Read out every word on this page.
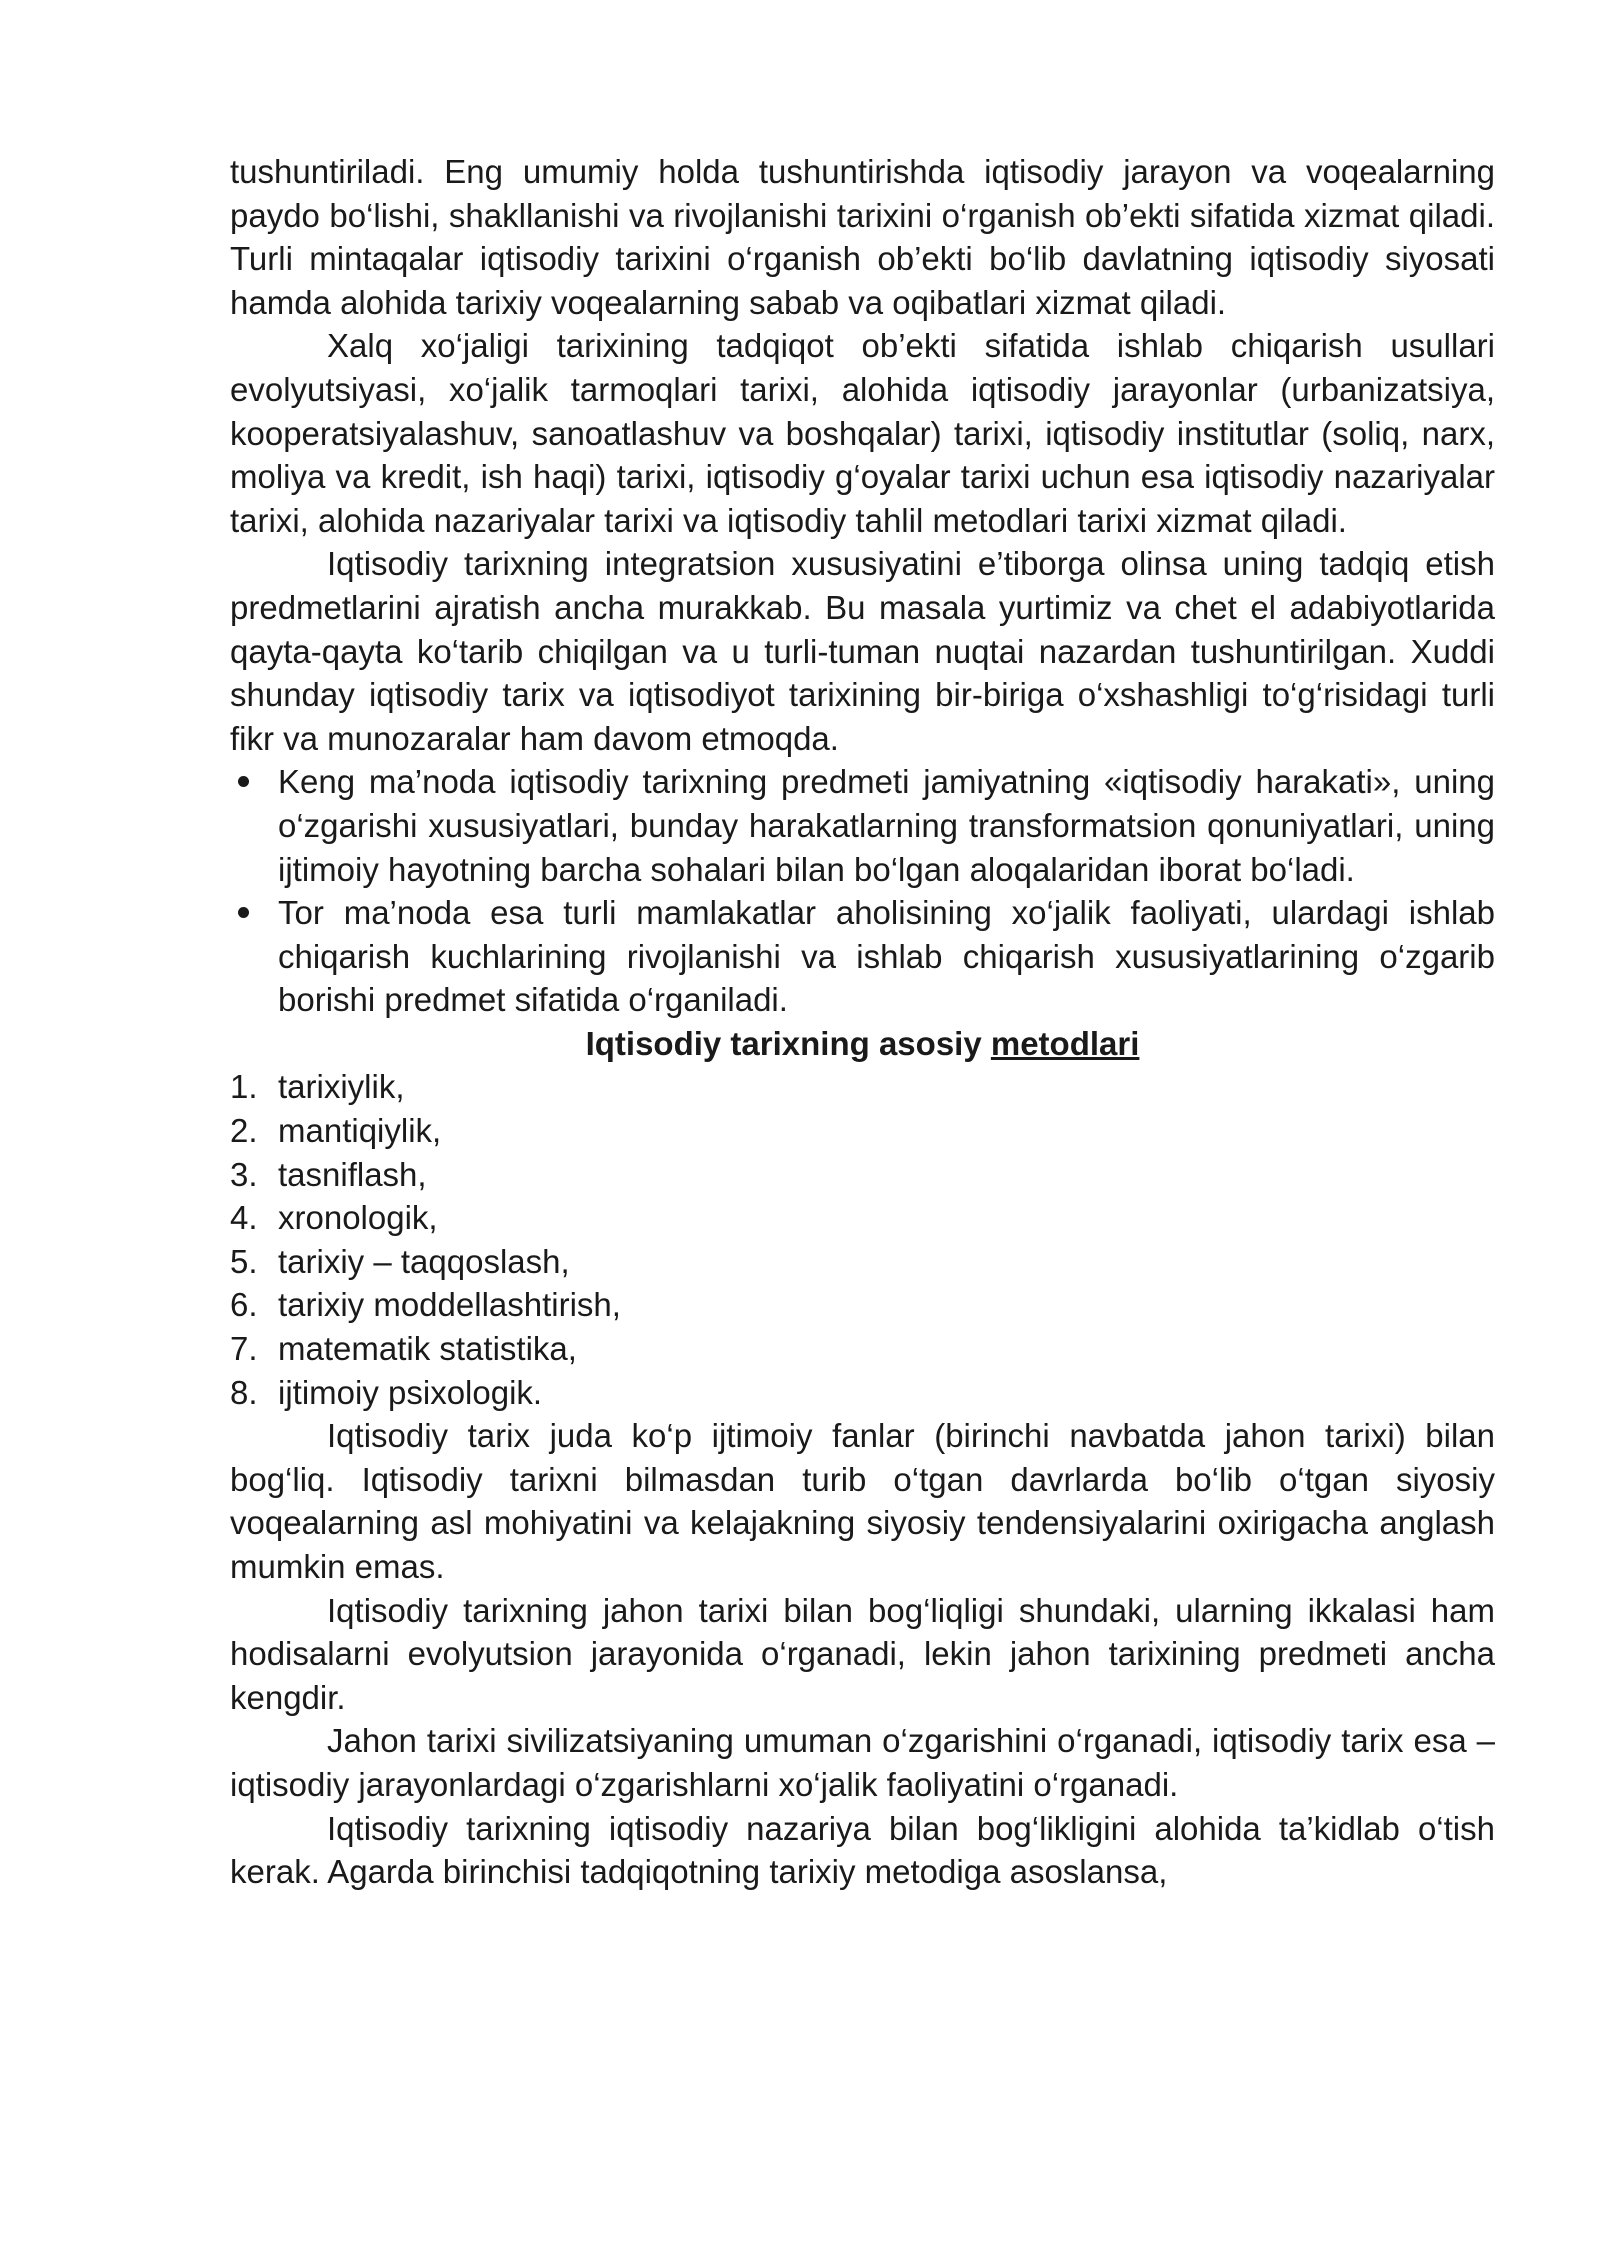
tushuntiriladi. Eng umumiy holda tushuntirishda iqtisodiy jarayon va voqealarning paydo bo‘lishi, shakllanishi va rivojlanishi tarixini o‘rganish ob’ekti sifatida xizmat qiladi. Turli mintaqalar iqtisodiy tarixini o‘rganish ob’ekti bo‘lib davlatning iqtisodiy siyosati hamda alohida tarixiy voqealarning sabab va oqibatlari xizmat qiladi.

Xalq xo‘jaligi tarixining tadqiqot ob’ekti sifatida ishlab chiqarish usullari evolyutsiyasi, xo‘jalik tarmoqlari tarixi, alohida iqtisodiy jarayonlar (urbanizatsiya, kooperatsiyalashuv, sanoatlashuv va boshqalar) tarixi, iqtisodiy institutlar (soliq, narx, moliya va kredit, ish haqi) tarixi, iqtisodiy g‘oyalar tarixi uchun esa iqtisodiy nazariyalar tarixi, alohida nazariyalar tarixi va iqtisodiy tahlil metodlari tarixi xizmat qiladi.

Iqtisodiy tarixning integratsion xususiyatini e’tiborga olinsa uning tadqiq etish predmetlarini ajratish ancha murakkab. Bu masala yurtimiz va chet el adabiyotlarida qayta-qayta ko‘tarib chiqilgan va u turli-tuman nuqtai nazardan tushuntirilgan. Xuddi shunday iqtisodiy tarix va iqtisodiyot tarixining bir-biriga o‘xshashligi to‘g‘risidagi turli fikr va munozaralar ham davom etmoqda.

Keng ma’noda iqtisodiy tarixning predmeti jamiyatning «iqtisodiy harakati», uning o‘zgarishi xususiyatlari, bunday harakatlarning transformatsion qonuniyatlari, uning ijtimoiy hayotning barcha sohalari bilan bo‘lgan aloqalaridan iborat bo‘ladi.
Tor ma’noda esa turli mamlakatlar aholisining xo‘jalik faoliyati, ulardagi ishlab chiqarish kuchlarining rivojlanishi va ishlab chiqarish xususiyatlarining o‘zgarib borishi predmet sifatida o‘rganiladi.

Iqtisodiy tarixning asosiy metodlari

1. tarixiylik,
2. mantiqiylik,
3. tasniflash,
4. xronologik,
5. tarixiy – taqqoslash,
6. tarixiy moddellashtirish,
7. matematik statistika,
8. ijtimoiy psixologik.

Iqtisodiy tarix juda ko‘p ijtimoiy fanlar (birinchi navbatda jahon tarixi) bilan bog‘liq. Iqtisodiy tarixni bilmasdan turib o‘tgan davrlarda bo‘lib o‘tgan siyosiy voqealarning asl mohiyatini va kelajakning siyosiy tendensiyalarini oxirigacha anglash mumkin emas.

Iqtisodiy tarixning jahon tarixi bilan bog‘liqligi shundaki, ularning ikkalasi ham hodisalarni evolyutsion jarayonida o‘rganadi, lekin jahon tarixining predmeti ancha kengdir.

Jahon tarixi sivilizatsiyaning umuman o‘zgarishini o‘rganadi, iqtisodiy tarix esa – iqtisodiy jarayonlardagi o‘zgarishlarni xo‘jalik faoliyatini o‘rganadi.

Iqtisodiy tarixning iqtisodiy nazariya bilan bog‘likligini alohida ta’kidlab o‘tish kerak. Agarda birinchisi tadqiqotning tarixiy metodiga asoslansa,
